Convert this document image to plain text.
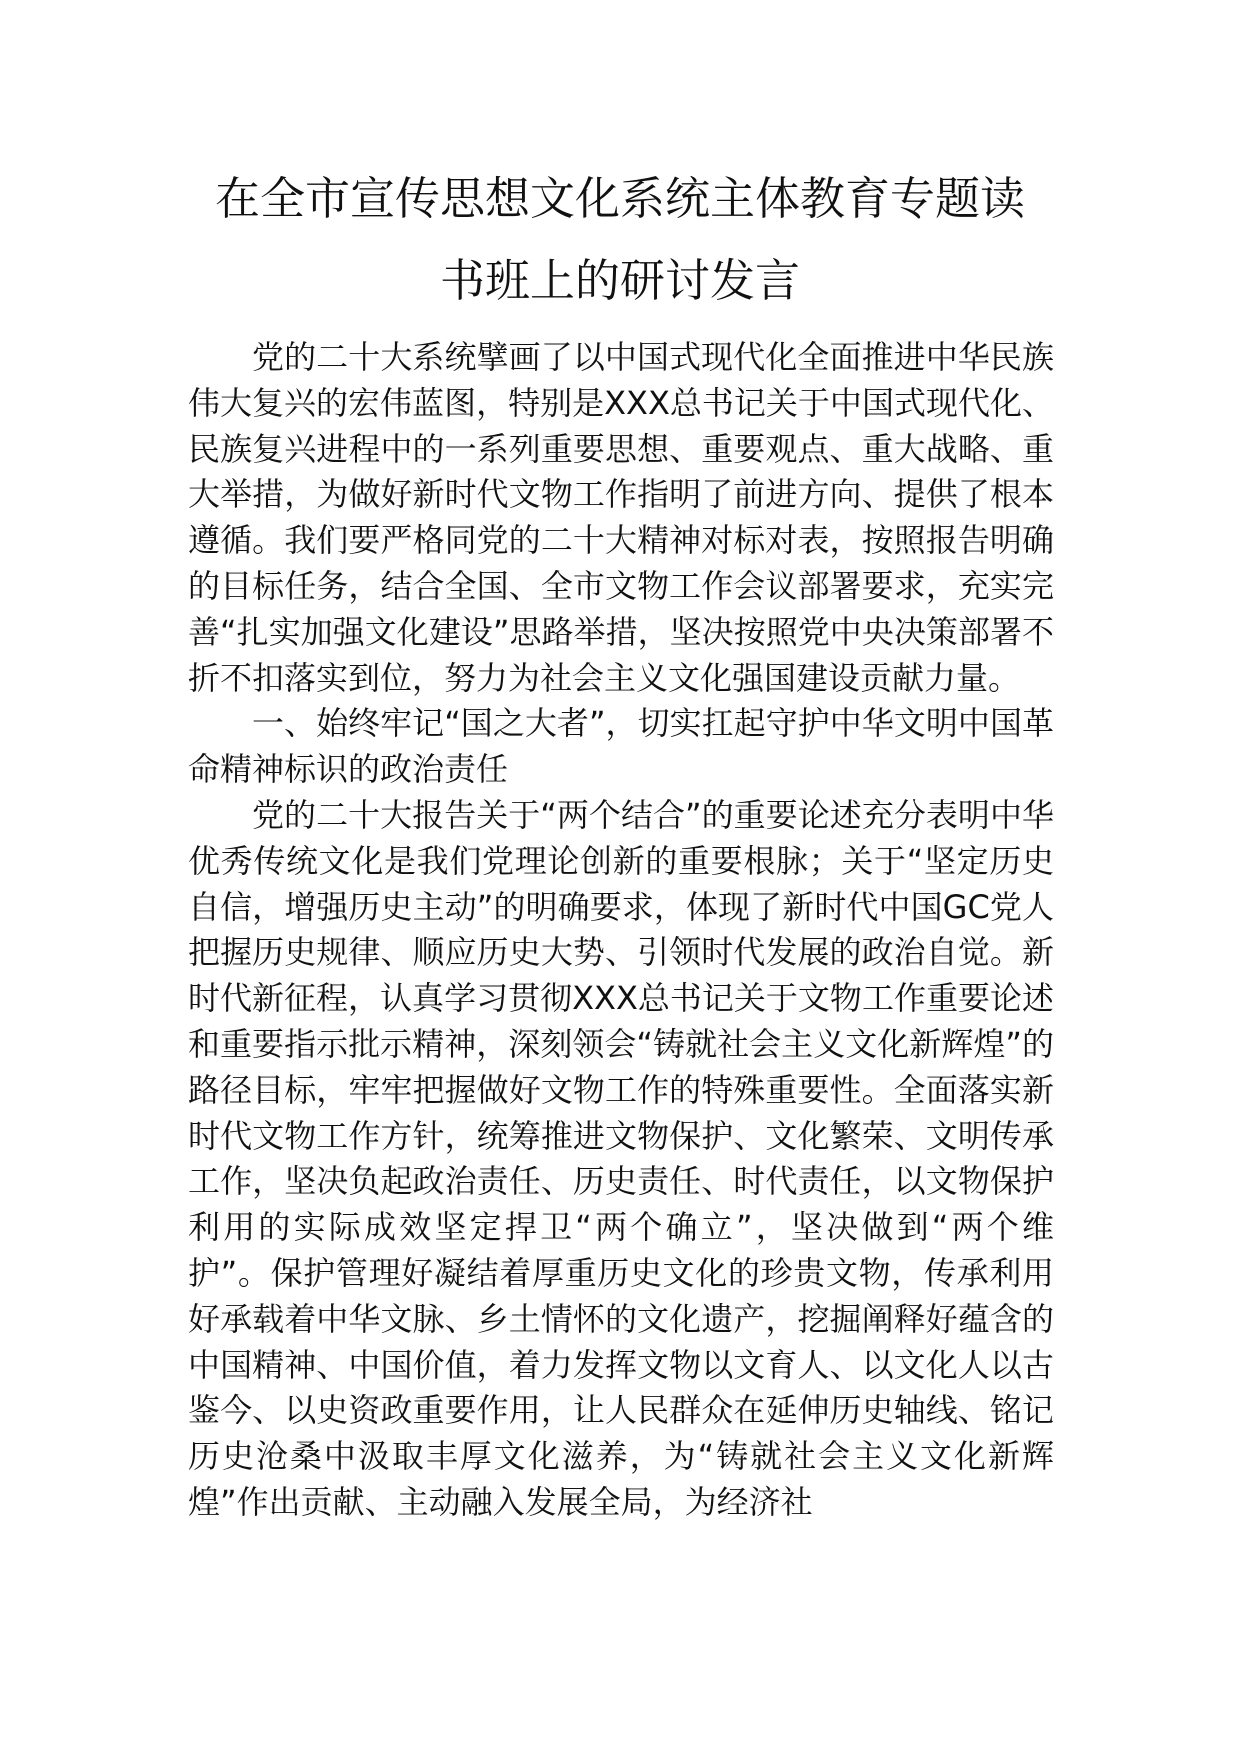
在全市宣传思想文化系统主体教育专题读
书班上的研讨发言

党的二十大系统擘画了以中国式现代化全面推进中华民族伟大复兴的宏伟蓝图，特别是XXX总书记关于中国式现代化、民族复兴进程中的一系列重要思想、重要观点、重大战略、重大举措，为做好新时代文物工作指明了前进方向、提供了根本遵循。我们要严格同党的二十大精神对标对表，按照报告明确的目标任务，结合全国、全市文物工作会议部署要求，充实完善“扎实加强文化建设”思路举措，坚决按照党中央决策部署不折不扣落实到位，努力为社会主义文化强国建设贡献力量。

一、始终牢记“国之大者”，切实扛起守护中华文明中国革命精神标识的政治责任

党的二十大报告关于“两个结合”的重要论述充分表明中华优秀传统文化是我们党理论创新的重要根脉；关于“坚定历史自信，增强历史主动”的明确要求，体现了新时代中国GC党人把握历史规律、顺应历史大势、引领时代发展的政治自觉。新时代新征程，认真学习贯彻XXX总书记关于文物工作重要论述和重要指示批示精神，深刻领会“铸就社会主义文化新辉煌”的路径目标，牢牢把握做好文物工作的特殊重要性。全面落实新时代文物工作方针，统筹推进文物保护、文化繁荣、文明传承工作，坚决负起政治责任、历史责任、时代责任，以文物保护利用的实际成效坚定捍卫“两个确立”，坚决做到“两个维护”。保护管理好凝结着厚重历史文化的珍贵文物，传承利用好承载着中华文脉、乡土情怀的文化遗产，挖掘阐释好蕴含的中国精神、中国价值，着力发挥文物以文育人、以文化人以古鉴今、以史资政重要作用，让人民群众在延伸历史轴线、铭记历史沧桑中汲取丰厚文化滋养，为“铸就社会主义文化新辉煌”作出贡献、主动融入发展全局，为经济社
